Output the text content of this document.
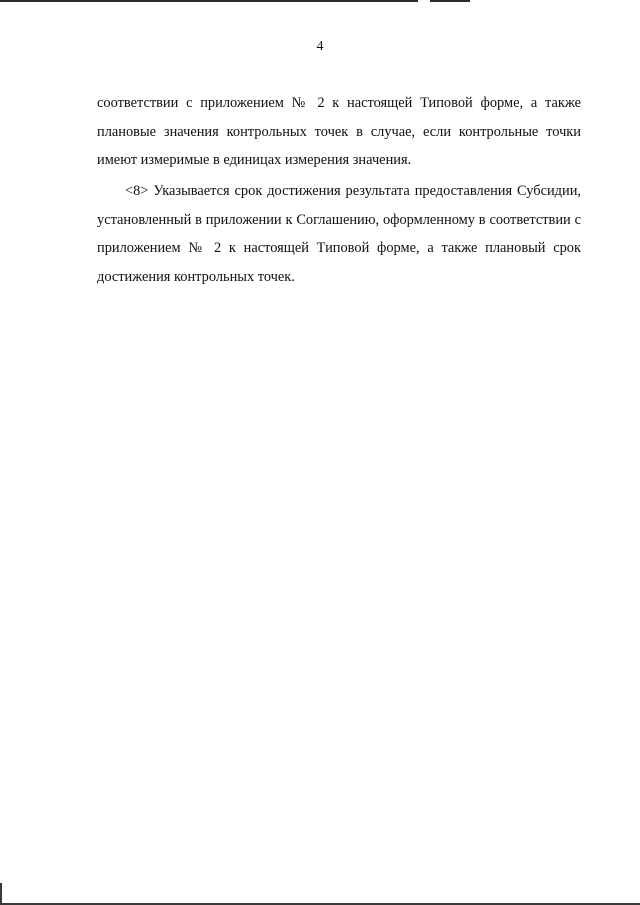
4
соответствии с приложением № 2 к настоящей Типовой форме, а также
плановые значения контрольных точек в случае, если контрольные точки
имеют измеримые в единицах измерения значения.
<8> Указывается срок достижения результата предоставления Субсидии,
установленный в приложении к Соглашению, оформленному в соответствии с
приложением № 2 к настоящей Типовой форме, а также плановый срок
достижения контрольных точек.
